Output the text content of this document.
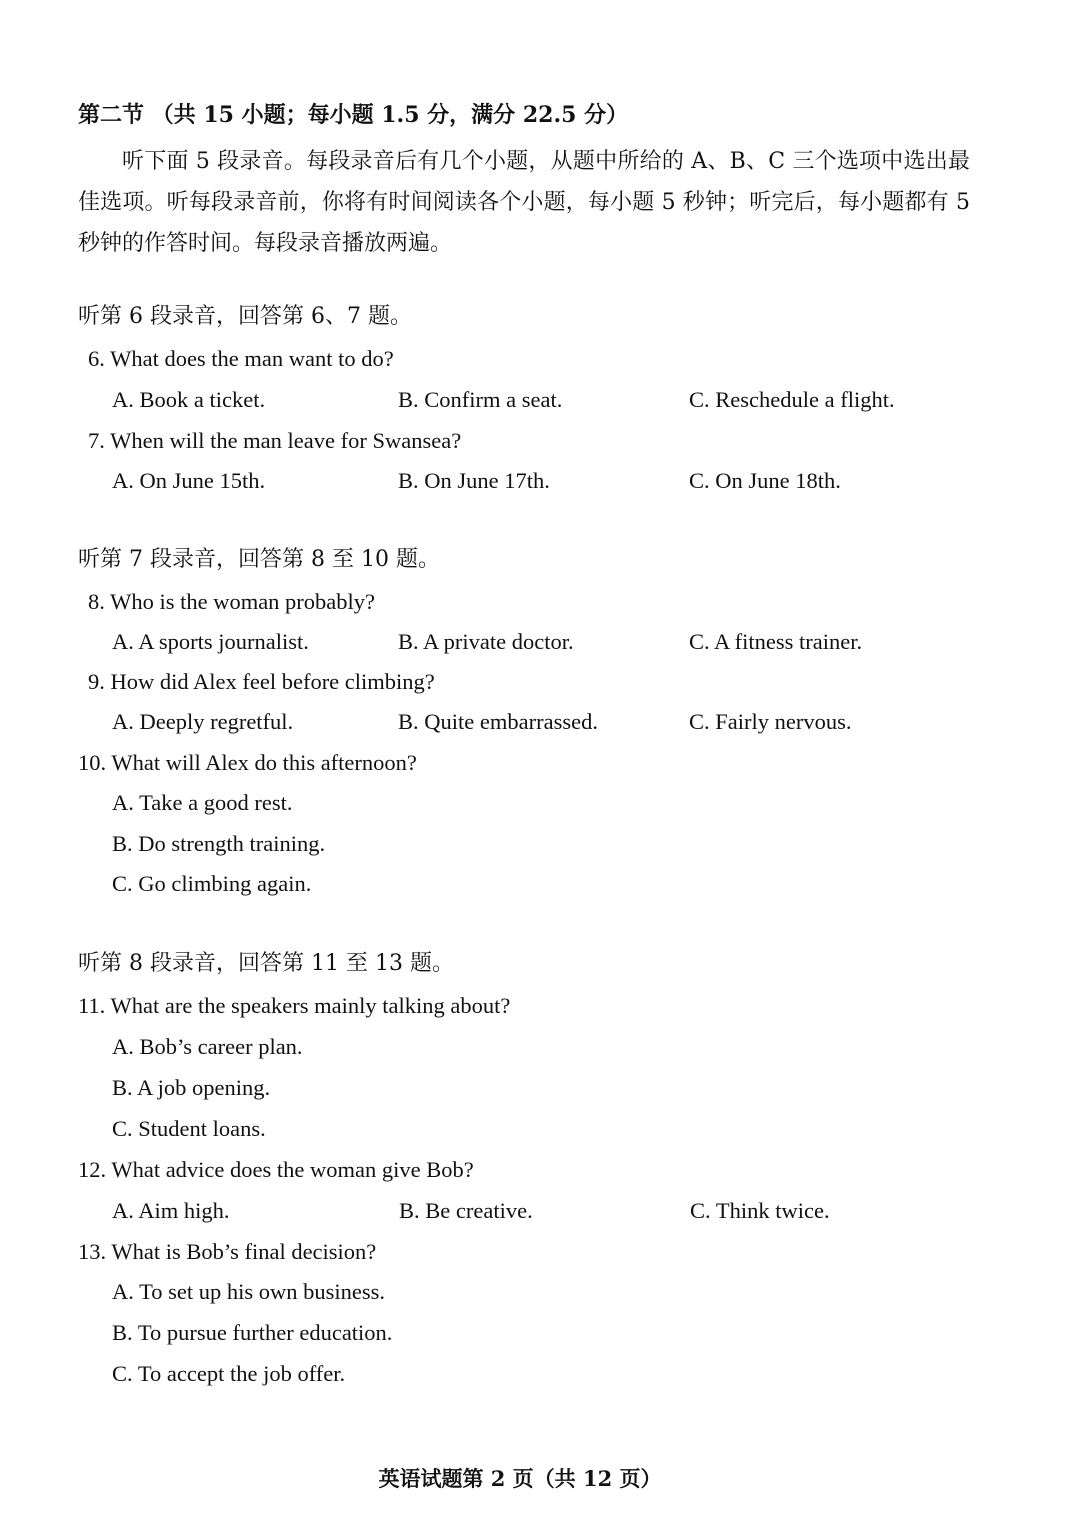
第二节 （共 15 小题；每小题 1.5 分，满分 22.5 分）

听下面 5 段录音。每段录音后有几个小题，从题中所给的 A、B、C 三个选项中选出最佳选项。听每段录音前，你将有时间阅读各个小题，每小题 5 秒钟；听完后，每小题都有 5 秒钟的作答时间。每段录音播放两遍。

听第 6 段录音，回答第 6、7 题。
6. What does the man want to do?
A. Book a ticket.	B. Confirm a seat.	C. Reschedule a flight.
7. When will the man leave for Swansea?
A. On June 15th.	B. On June 17th.	C. On June 18th.
听第 7 段录音，回答第 8 至 10 题。
8. Who is the woman probably?
A. A sports journalist.	B. A private doctor.	C. A fitness trainer.
9. How did Alex feel before climbing?
A. Deeply regretful.	B. Quite embarrassed.	C. Fairly nervous.
10. What will Alex do this afternoon?
A. Take a good rest.
B. Do strength training.
C. Go climbing again.
听第 8 段录音，回答第 11 至 13 题。
11. What are the speakers mainly talking about?
A. Bob’s career plan.
B. A job opening.
C. Student loans.
12. What advice does the woman give Bob?
A. Aim high.	B. Be creative.	C. Think twice.
13. What is Bob’s final decision?
A. To set up his own business.
B. To pursue further education.
C. To accept the job offer.
英语试题第 2 页（共 12 页）
